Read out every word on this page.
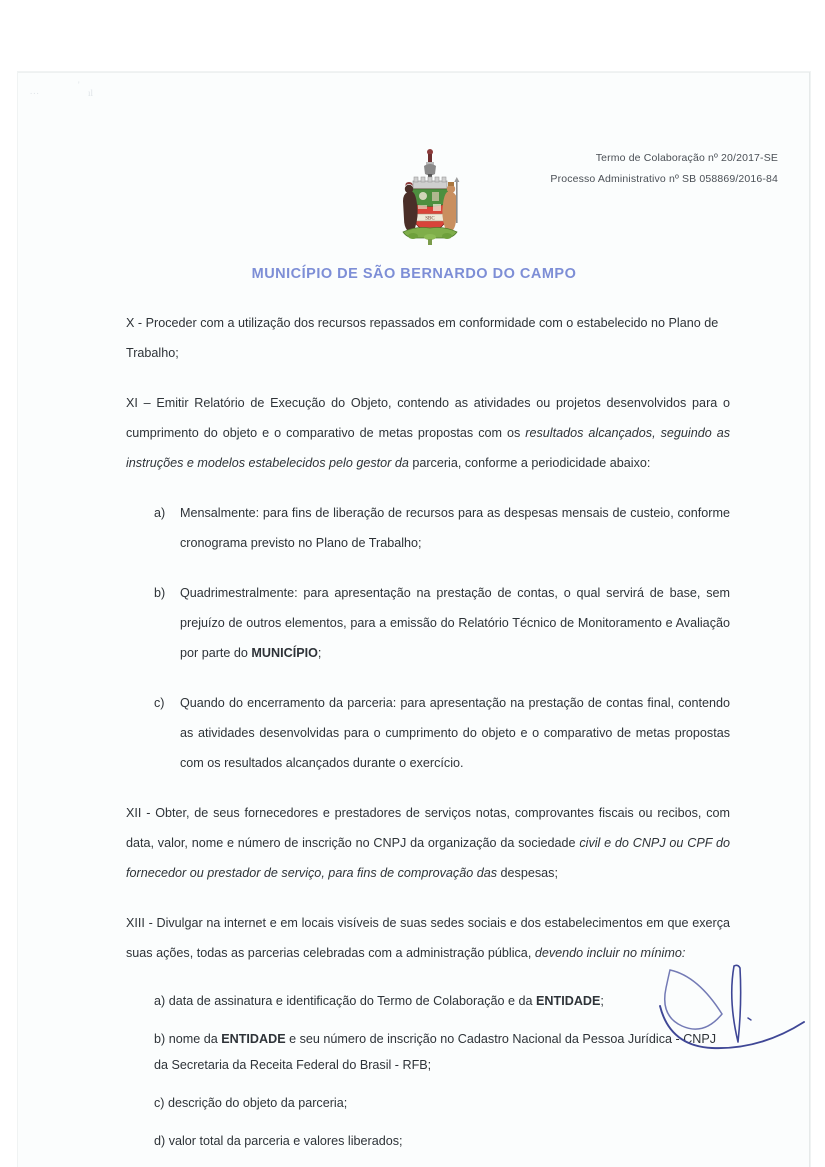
...
'
ıl
SBC
Termo de Colaboração nº 20/2017-SE
Processo Administrativo nº SB 058869/2016-84
MUNICÍPIO DE SÃO BERNARDO DO CAMPO

X - Proceder com a utilização dos recursos repassados em conformidade com o estabelecido no Plano de Trabalho;

XI – Emitir Relatório de Execução do Objeto, contendo as atividades ou projetos desenvolvidos para o cumprimento do objeto e o comparativo de metas propostas com os resultados alcançados, seguindo as instruções e modelos estabelecidos pelo gestor da parceria, conforme a periodicidade abaixo:

a) Mensalmente: para fins de liberação de recursos para as despesas mensais de custeio, conforme cronograma previsto no Plano de Trabalho;
b) Quadrimestralmente: para apresentação na prestação de contas, o qual servirá de base, sem prejuízo de outros elementos, para a emissão do Relatório Técnico de Monitoramento e Avaliação por parte do MUNICÍPIO;
c) Quando do encerramento da parceria: para apresentação na prestação de contas final, contendo as atividades desenvolvidas para o cumprimento do objeto e o comparativo de metas propostas com os resultados alcançados durante o exercício.

XII - Obter, de seus fornecedores e prestadores de serviços notas, comprovantes fiscais ou recibos, com data, valor, nome e número de inscrição no CNPJ da organização da sociedade civil e do CNPJ ou CPF do fornecedor ou prestador de serviço, para fins de comprovação das despesas;

XIII - Divulgar na internet e em locais visíveis de suas sedes sociais e dos estabelecimentos em que exerça suas ações, todas as parcerias celebradas com a administração pública, devendo incluir no mínimo:

a) data de assinatura e identificação do Termo de Colaboração e da ENTIDADE;
b) nome da ENTIDADE e seu número de inscrição no Cadastro Nacional da Pessoa Jurídica - CNPJ da Secretaria da Receita Federal do Brasil - RFB;
c) descrição do objeto da parceria;
d) valor total da parceria e valores liberados;
